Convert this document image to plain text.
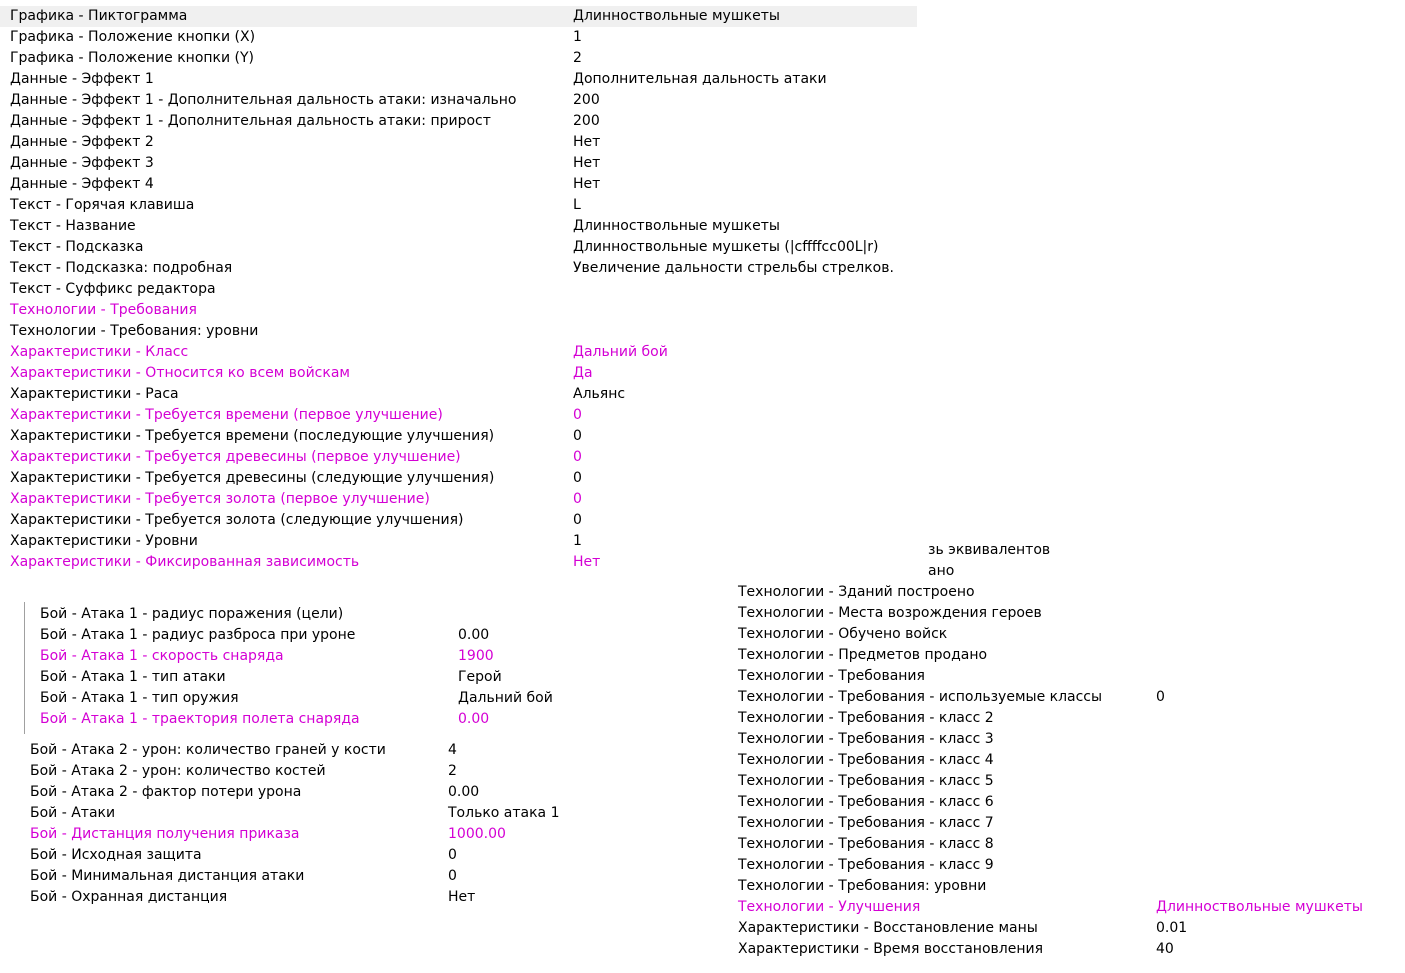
Графика - Пиктограмма	Длинноствольные мушкеты
Графика - Положение кнопки (X)	1
Графика - Положение кнопки (Y)	2
Данные - Эффект 1	Дополнительная дальность атаки
Данные - Эффект 1 - Дополнительная дальность атаки: изначально	200
Данные - Эффект 1 - Дополнительная дальность атаки: прирост	200
Данные - Эффект 2	Нет
Данные - Эффект 3	Нет
Данные - Эффект 4	Нет
Текст - Горячая клавиша	L
Текст - Название	Длинноствольные мушкеты
Текст - Подсказка	Длинноствольные мушкеты (|cffffcc00L|r)
Текст - Подсказка: подробная	Увеличение дальности стрельбы стрелков.
Текст - Суффикс редактора
Технологии - Требования
Технологии - Требования: уровни
Характеристики - Класс	Дальний бой
Характеристики - Относится ко всем войскам	Да
Характеристики - Раса	Альянс
Характеристики - Требуется времени (первое улучшение)	0
Характеристики - Требуется времени (последующие улучшения)	0
Характеристики - Требуется древесины (первое улучшение)	0
Характеристики - Требуется древесины (следующие улучшения)	0
Характеристики - Требуется золота (первое улучшение)	0
Характеристики - Требуется золота (следующие улучшения)	0
Характеристики - Уровни	1
Характеристики - Фиксированная зависимость	Нет
Бой - Атака 1 - радиус поражения (цели)
Бой - Атака 1 - радиус разброса при уроне	0.00
Бой - Атака 1 - скорость снаряда	1900
Бой - Атака 1 - тип атаки	Герой
Бой - Атака 1 - тип оружия	Дальний бой
Бой - Атака 1 - траектория полета снаряда	0.00
Бой - Атака 2 - урон: количество граней у кости	4
Бой - Атака 2 - урон: количество костей	2
Бой - Атака 2 - фактор потери урона	0.00
Бой - Атаки	Только атака 1
Бой - Дистанция получения приказа	1000.00
Бой - Исходная защита	0
Бой - Минимальная дистанция атаки	0
Бой - Охранная дистанция	Нет
Технологии - Зданий построено
Технологии - Места возрождения героев
Технологии - Обучено войск
Технологии - Предметов продано
Технологии - Требования
Технологии - Требования - используемые классы	0
Технологии - Требования - класс 2
Технологии - Требования - класс 3
Технологии - Требования - класс 4
Технологии - Требования - класс 5
Технологии - Требования - класс 6
Технологии - Требования - класс 7
Технологии - Требования - класс 8
Технологии - Требования - класс 9
Технологии - Требования: уровни
Технологии - Улучшения	Длинноствольные мушкеты
Характеристики - Восстановление маны	0.01
Характеристики - Время восстановления	40
зь эквивалентов
ано
